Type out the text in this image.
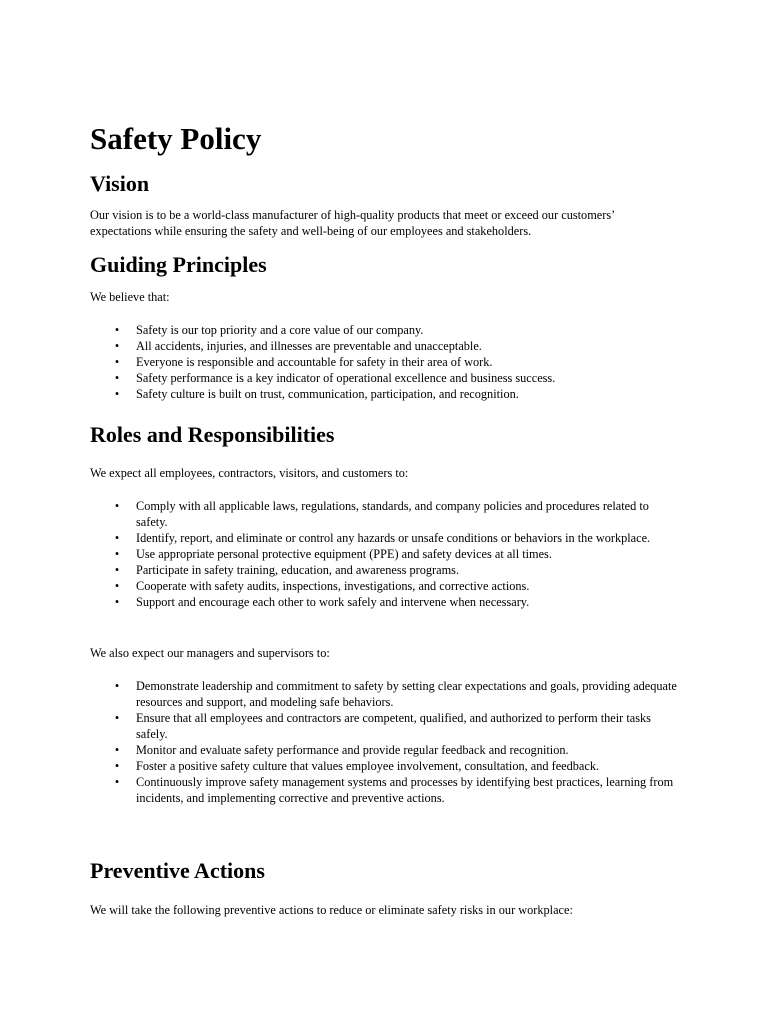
Safety Policy
Vision

Our vision is to be a world-class manufacturer of high-quality products that meet or exceed our customers’ expectations while ensuring the safety and well-being of our employees and stakeholders.

Guiding Principles

We believe that:

• Safety is our top priority and a core value of our company.
• All accidents, injuries, and illnesses are preventable and unacceptable.
• Everyone is responsible and accountable for safety in their area of work.
• Safety performance is a key indicator of operational excellence and business success.
• Safety culture is built on trust, communication, participation, and recognition.
Roles and Responsibilities

We expect all employees, contractors, visitors, and customers to:

• Comply with all applicable laws, regulations, standards, and company policies and procedures related to safety.
• Identify, report, and eliminate or control any hazards or unsafe conditions or behaviors in the workplace.
• Use appropriate personal protective equipment (PPE) and safety devices at all times.
• Participate in safety training, education, and awareness programs.
• Cooperate with safety audits, inspections, investigations, and corrective actions.
• Support and encourage each other to work safely and intervene when necessary.

We also expect our managers and supervisors to:

• Demonstrate leadership and commitment to safety by setting clear expectations and goals, providing adequate resources and support, and modeling safe behaviors.
• Ensure that all employees and contractors are competent, qualified, and authorized to perform their tasks safely.
• Monitor and evaluate safety performance and provide regular feedback and recognition.
• Foster a positive safety culture that values employee involvement, consultation, and feedback.
• Continuously improve safety management systems and processes by identifying best practices, learning from incidents, and implementing corrective and preventive actions.
Preventive Actions

We will take the following preventive actions to reduce or eliminate safety risks in our workplace:
